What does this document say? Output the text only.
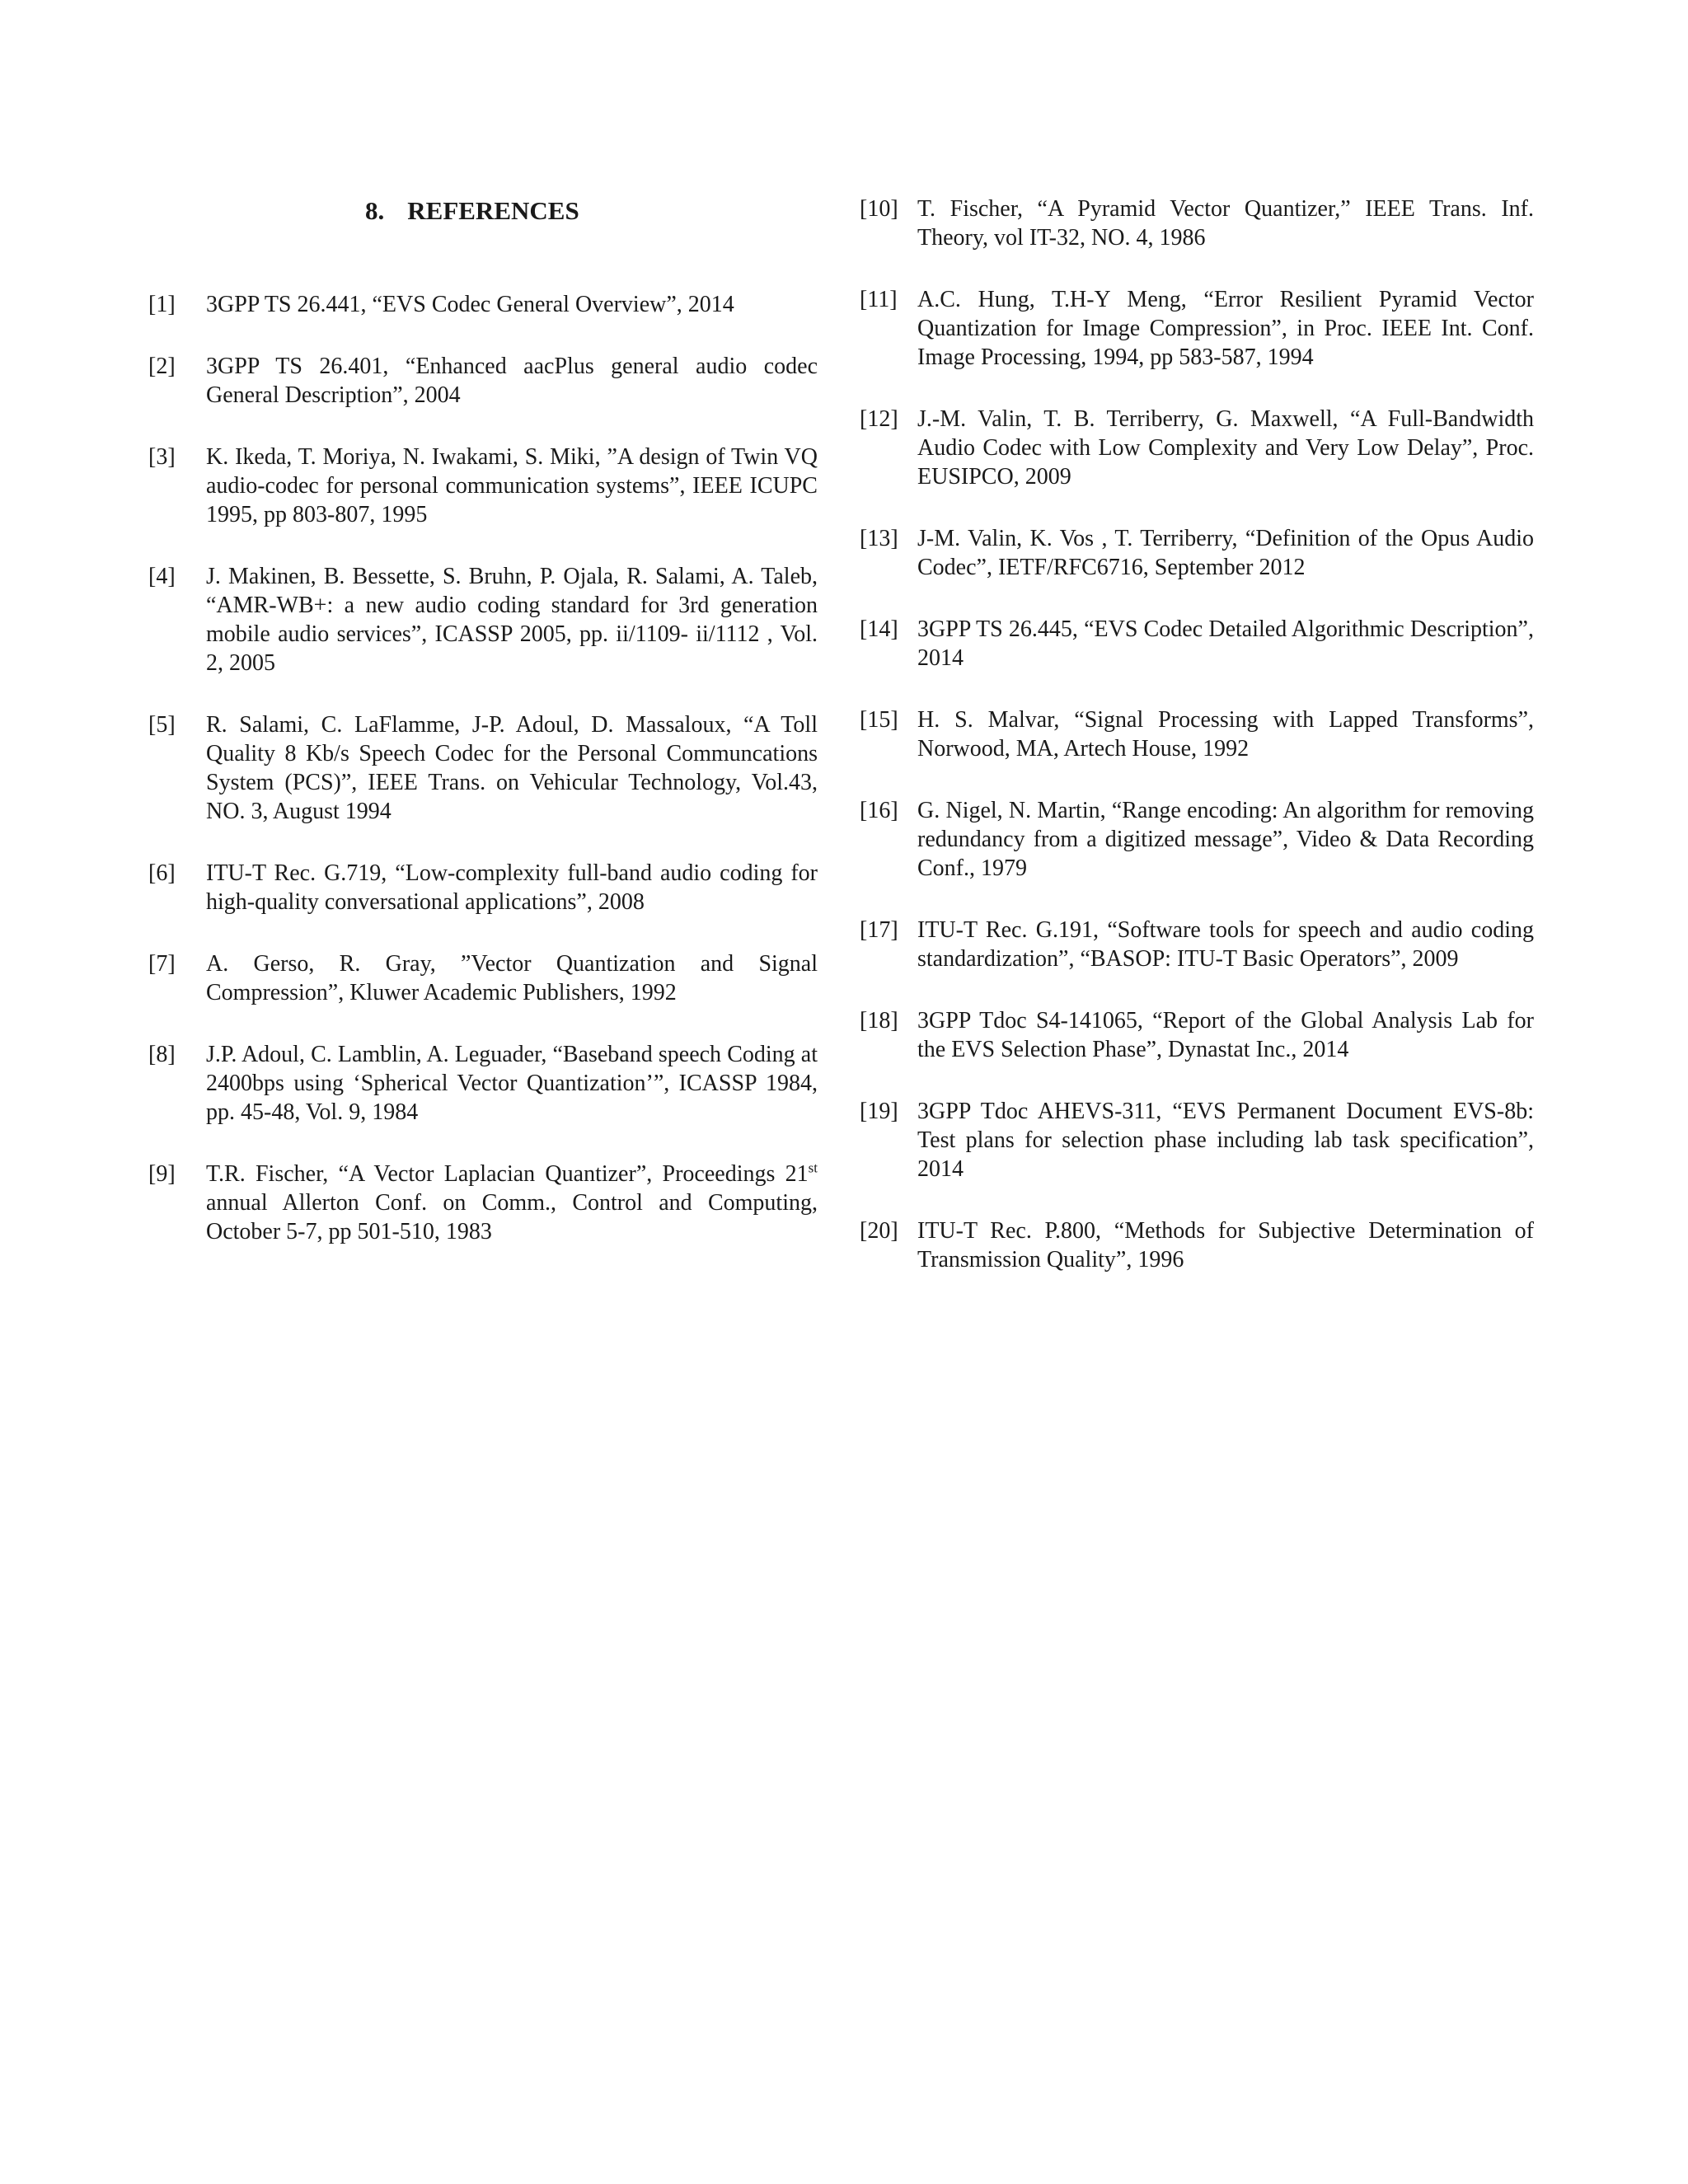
8. REFERENCES
[1] 3GPP TS 26.441, “EVS Codec General Overview”, 2014
[2] 3GPP TS 26.401, “Enhanced aacPlus general audio codec General Description”, 2004
[3] K. Ikeda, T. Moriya, N. Iwakami, S. Miki, ”A design of Twin VQ audio-codec for personal communication systems”, IEEE ICUPC 1995, pp 803-807, 1995
[4] J. Makinen, B. Bessette, S. Bruhn, P. Ojala, R. Salami, A. Taleb, “AMR-WB+: a new audio coding standard for 3rd generation mobile audio services”, ICASSP 2005, pp. ii/1109- ii/1112 , Vol. 2, 2005
[5] R. Salami, C. LaFlamme, J-P. Adoul, D. Massaloux, “A Toll Quality 8 Kb/s Speech Codec for the Personal Communcations System (PCS)”, IEEE Trans. on Vehicular Technology, Vol.43, NO. 3, August 1994
[6] ITU-T Rec. G.719, “Low-complexity full-band audio coding for high-quality conversational applications”, 2008
[7] A. Gerso, R. Gray, ”Vector Quantization and Signal Compression”, Kluwer Academic Publishers, 1992
[8] J.P. Adoul, C. Lamblin, A. Leguader, “Baseband speech Coding at 2400bps using ‘Spherical Vector Quantization’”, ICASSP 1984, pp. 45-48, Vol. 9, 1984
[9] T.R. Fischer, “A Vector Laplacian Quantizer”, Proceedings 21st annual Allerton Conf. on Comm., Control and Computing, October 5-7, pp 501-510, 1983
[10] T. Fischer, “A Pyramid Vector Quantizer,” IEEE Trans. Inf. Theory, vol IT-32, NO. 4, 1986
[11] A.C. Hung, T.H-Y Meng, “Error Resilient Pyramid Vector Quantization for Image Compression”, in Proc. IEEE Int. Conf. Image Processing, 1994, pp 583-587, 1994
[12] J.-M. Valin, T. B. Terriberry, G. Maxwell, “A Full-Bandwidth Audio Codec with Low Complexity and Very Low Delay”, Proc. EUSIPCO, 2009
[13] J-M. Valin, K. Vos , T. Terriberry, “Definition of the Opus Audio Codec”, IETF/RFC6716, September 2012
[14] 3GPP TS 26.445, “EVS Codec Detailed Algorithmic Description”, 2014
[15] H. S. Malvar, “Signal Processing with Lapped Transforms”, Norwood, MA, Artech House, 1992
[16] G. Nigel, N. Martin, “Range encoding: An algorithm for removing redundancy from a digitized message”, Video & Data Recording Conf., 1979
[17] ITU-T Rec. G.191, “Software tools for speech and audio coding standardization”, “BASOP: ITU-T Basic Operators”, 2009
[18] 3GPP Tdoc S4-141065, “Report of the Global Analysis Lab for the EVS Selection Phase”, Dynastat Inc., 2014
[19] 3GPP Tdoc AHEVS-311, “EVS Permanent Document EVS-8b: Test plans for selection phase including lab task specification”, 2014
[20] ITU-T Rec. P.800, “Methods for Subjective Determination of Transmission Quality”, 1996
